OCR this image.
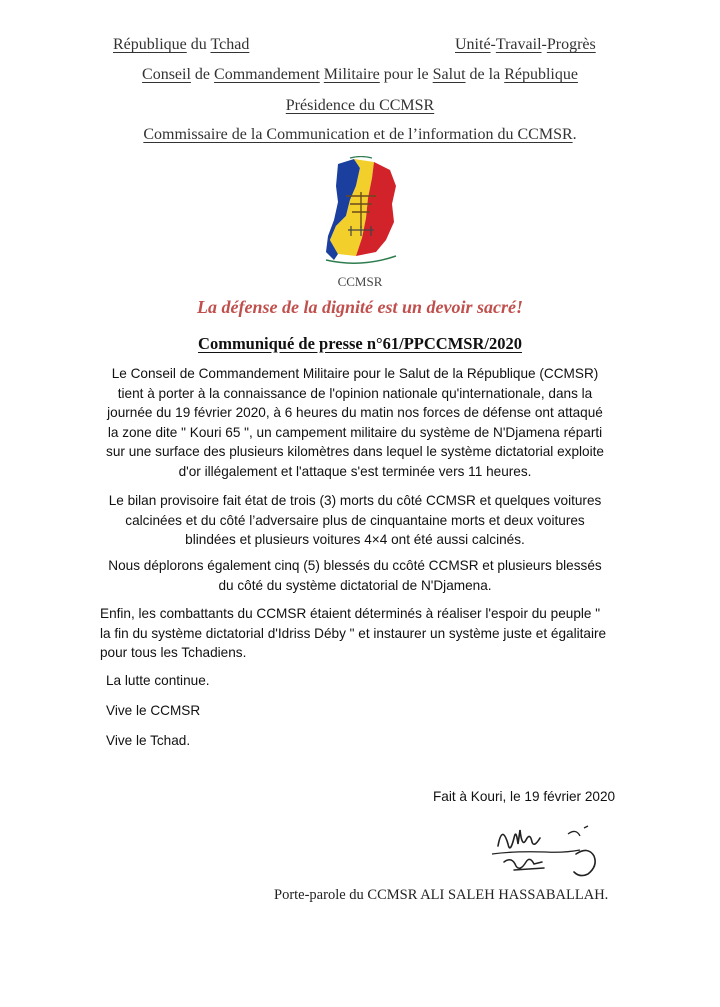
République du Tchad	Unité-Travail-Progrès
Conseil de Commandement Militaire pour le Salut de la République
Présidence du CCMSR
Commissaire de la Communication et de l’information du CCMSR.
CCMSR
La défense de la dignité est un devoir sacré!
Communiqué de presse n°61/PPCCMSR/2020
Le Conseil de Commandement Militaire pour le Salut de la République (CCMSR) tient à porter à la connaissance de l'opinion nationale qu'internationale, dans la journée du 19 février 2020, à 6 heures du matin nos forces de défense ont attaqué la zone dite " Kouri 65 ", un campement militaire du système de N'Djamena réparti sur une surface des plusieurs kilomètres dans lequel le système dictatorial exploite d'or illégalement et l'attaque s'est terminée vers 11 heures.
Le bilan provisoire fait état de trois (3) morts du côté CCMSR et quelques voitures calcinées et du côté l’adversaire plus de cinquantaine morts et deux voitures blindées et plusieurs voitures 4×4 ont été aussi calcinés.
Nous déplorons également cinq (5) blessés du ccôté CCMSR et plusieurs blessés du côté du système dictatorial de N'Djamena.
Enfin, les combattants du CCMSR étaient déterminés à réaliser l'espoir du peuple " la fin du système dictatorial d'Idriss Déby " et instaurer un système juste et égalitaire pour tous les Tchadiens.
La lutte continue.
Vive le CCMSR
Vive le Tchad.
Fait à Kouri, le 19 février 2020
Porte-parole du CCMSR ALI SALEH HASSABALLAH.
